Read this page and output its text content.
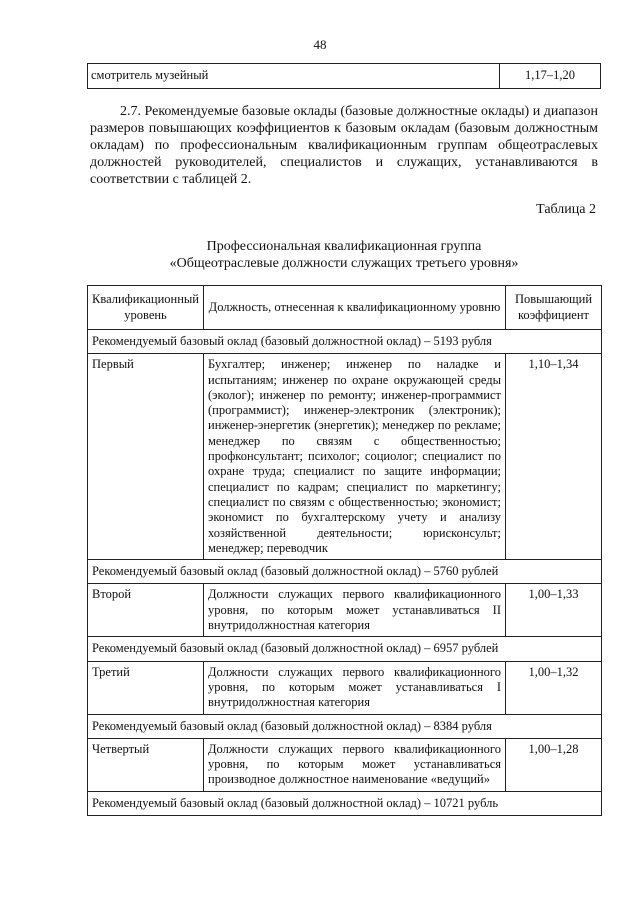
48
смотритель музейный	1,17–1,20

2.7. Рекомендуемые базовые оклады (базовые должностные оклады) и диапазон размеров повышающих коэффициентов к базовым окладам (базовым должностным окладам) по профессиональным квалификационным группам общеотраслевых должностей руководителей, специалистов и служащих, устанавливаются в соответствии с таблицей 2.

Таблица 2
Профессиональная квалификационная группа
«Общеотраслевые должности служащих третьего уровня»
Квалификационный уровень	Должность, отнесенная к квалификационному уровню	Повышающий коэффициент
Рекомендуемый базовый оклад (базовый должностной оклад) – 5193 рубля		
Первый	Бухгалтер; инженер; инженер по наладке и испытаниям; инженер по охране окружающей среды (эколог); инженер по ремонту; инженер-программист (программист); инженер-электроник (электроник); инженер-энергетик (энергетик); менеджер по рекламе; менеджер по связям с общественностью; профконсультант; психолог; социолог; специалист по охране труда; специалист по защите информации; специалист по кадрам; специалист по маркетингу; специалист по связям с общественностью; экономист; экономист по бухгалтерскому учету и анализу хозяйственной деятельности; юрисконсульт; менеджер; переводчик	1,10–1,34
Рекомендуемый базовый оклад (базовый должностной оклад) – 5760 рублей		
Второй	Должности служащих первого квалификационного уровня, по которым может устанавливаться II внутридолжностная категория	1,00–1,33
Рекомендуемый базовый оклад (базовый должностной оклад) – 6957 рублей		
Третий	Должности служащих первого квалификационного уровня, по которым может устанавливаться I внутридолжностная категория	1,00–1,32
Рекомендуемый базовый оклад (базовый должностной оклад) – 8384 рубля		
Четвертый	Должности служащих первого квалификационного уровня, по которым может устанавливаться производное должностное наименование «ведущий»	1,00–1,28
Рекомендуемый базовый оклад (базовый должностной оклад) – 10721 рубль		
